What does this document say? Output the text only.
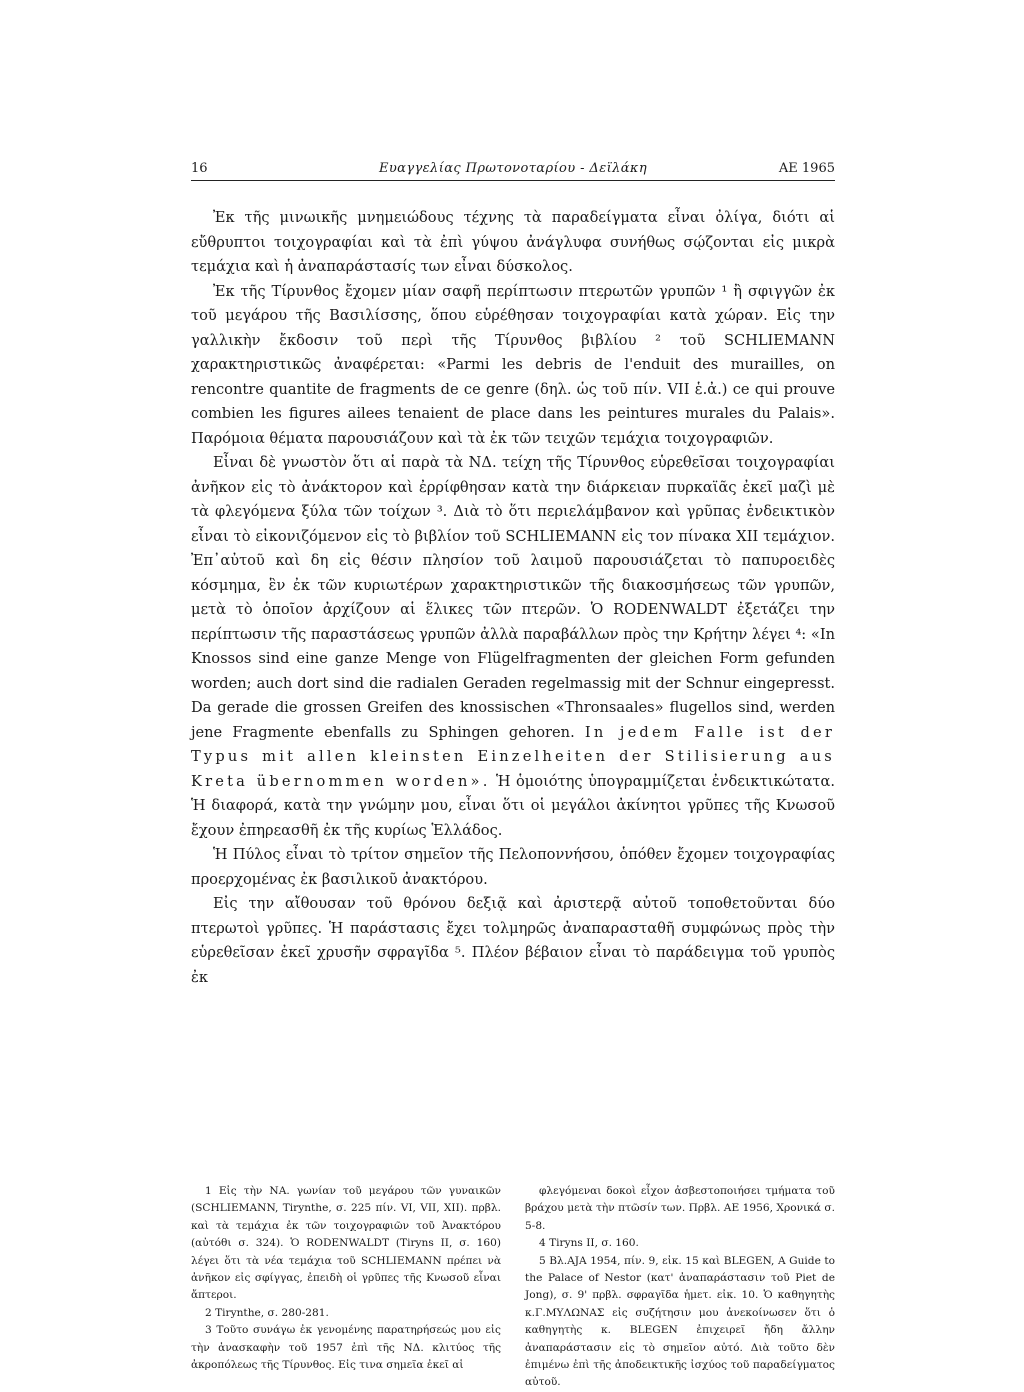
16	Ευαγγελίας Πρωτονοταρίου - Δεϊλάκη	ΑΕ 1965

Ἐκ τῆς μινωικῆς μνημειώδους τέχνης τὰ παραδείγματα εἶναι ὀλίγα, διότι αἱ εὔθρυπτοι τοιχογραφίαι καὶ τὰ ἐπὶ γύψου ἀνάγλυφα συνήθως σῴζονται εἰς μικρὰ τεμάχια καὶ ἡ ἀναπαράστασίς των εἶναι δύσκολος.

Ἐκ τῆς Τίρυνθος ἔχομεν μίαν σαφῆ περίπτωσιν πτερωτῶν γρυπῶν ¹ ἢ σφιγγῶν ἐκ τοῦ μεγάρου τῆς Βασιλίσσης, ὅπου εὑρέθησαν τοιχογραφίαι κατὰ χώραν. Εἰς την γαλλικὴν ἔκδοσιν τοῦ περὶ τῆς Τίρυνθος βιβλίου ² τοῦ SCHLIEMANN χαρακτηριστικῶς ἀναφέρεται: «Parmi les debris de l'enduit des murailles, on rencontre quantite de fragments de ce genre (δηλ. ὡς τοῦ πίν. VII ἑ.ἀ.) ce qui prouve combien les figures ailees tenaient de place dans les peintures murales du Palais». Παρόμοια θέματα παρουσιάζουν καὶ τὰ ἐκ τῶν τειχῶν τεμάχια τοιχογραφιῶν.

Εἶναι δὲ γνωστὸν ὅτι αἱ παρὰ τὰ ΝΔ. τείχη τῆς Τίρυνθος εὑρεθεῖσαι τοιχογραφίαι ἀνῆκον εἰς τὸ ἀνάκτορον καὶ ἐρρίφθησαν κατὰ την διάρκειαν πυρκαϊᾶς ἐκεῖ μαζὶ μὲ τὰ φλεγόμενα ξύλα τῶν τοίχων ³. Διὰ τὸ ὅτι περιελάμβανον καὶ γρῦπας ἐνδεικτικὸν εἶναι τὸ εἰκονιζόμενον εἰς τὸ βιβλίον τοῦ SCHLIEMANN εἰς τον πίνακα XII τεμάχιον. Ἐπ᾽αὐτοῦ καὶ δη εἰς θέσιν πλησίον τοῦ λαιμοῦ παρουσιάζεται τὸ παπυροειδὲς κόσμημα, ἓν ἐκ τῶν κυριωτέρων χαρακτηριστικῶν τῆς διακοσμήσεως τῶν γρυπῶν, μετὰ τὸ ὁποῖον ἀρχίζουν αἱ ἕλικες τῶν πτερῶν. Ὁ RODENWALDT ἐξετάζει την περίπτωσιν τῆς παραστάσεως γρυπῶν ἀλλὰ παραβάλλων πρὸς την Κρήτην λέγει ⁴: «In Knossos sind eine ganze Menge von Flügelfragmenten der gleichen Form gefunden worden; auch dort sind die radialen Geraden regelmassig mit der Schnur eingepresst. Da gerade die grossen Greifen des knossischen «Thronsaales» flugellos sind, werden jene Fragmente ebenfalls zu Sphingen gehoren. In jedem Falle ist der Typus mit allen kleinsten Einzelheiten der Stilisierung aus Kreta übernommen worden». Ἡ ὁμοιότης ὑπογραμμίζεται ἐνδεικτικώτατα. Ἡ διαφορά, κατὰ την γνώμην μου, εἶναι ὅτι οἱ μεγάλοι ἀκίνητοι γρῦπες τῆς Κνωσοῦ ἔχουν ἐπηρεασθῆ ἐκ τῆς κυρίως Ἑλλάδος.

Ἡ Πύλος εἶναι τὸ τρίτον σημεῖον τῆς Πελοποννήσου, ὁπόθεν ἔχομεν τοιχογραφίας προερχομένας ἐκ βασιλικοῦ ἀνακτόρου.

Εἰς την αἴθουσαν τοῦ θρόνου δεξιᾷ καὶ ἀριστερᾷ αὐτοῦ τοποθετοῦνται δύο πτερωτοὶ γρῦπες. Ἡ παράστασις ἔχει τολμηρῶς ἀναπαρασταθῆ συμφώνως πρὸς τὴν εὑρεθεῖσαν ἐκεῖ χρυσῆν σφραγῖδα ⁵. Πλέον βέβαιον εἶναι τὸ παράδειγμα τοῦ γρυπὸς ἐκ

1 Εἰς τὴν ΝΑ. γωνίαν τοῦ μεγάρου τῶν γυναικῶν (SCHLIEMANN, Tirynthe, σ. 225 πίν. VI, VII, XII). πρβλ. καὶ τὰ τεμάχια ἐκ τῶν τοιχογραφιῶν τοῦ Ἀνακτόρου (αὐτόθι σ. 324). Ὁ RODENWALDT (Tiryns II, σ. 160) λέγει ὅτι τὰ νέα τεμάχια τοῦ SCHLIEMANN πρέπει νὰ ἀνῆκον εἰς σφίγγας, ἐπειδὴ οἱ γρῦπες τῆς Κνωσοῦ εἶναι ἄπτεροι.

2 Tirynthe, σ. 280-281.

3 Τοῦτο συνάγω ἐκ γενομένης παρατηρήσεώς μου εἰς τὴν ἀνασκαφὴν τοῦ 1957 ἐπὶ τῆς ΝΔ. κλιτύος τῆς ἀκροπόλεως τῆς Τίρυνθος. Εἰς τινα σημεῖα ἐκεῖ αἱ

φλεγόμεναι δοκοὶ εἶχον ἀσβεστοποιήσει τμήματα τοῦ βράχου μετὰ τὴν πτῶσίν των. Πρβλ. ΑΕ 1956, Χρονικά σ. 5-8.

4 Tiryns II, σ. 160.

5 Βλ.AJA 1954, πίν. 9, εἰκ. 15 καὶ BLEGEN, A Guide to the Palace of Nestor (κατ' ἀναπαράστασιν τοῦ Piet de Jong), σ. 9' πρβλ. σφραγῖδα ἡμετ. εἰκ. 10. Ὁ καθηγητὴς κ.Γ.ΜΥΛΩΝΑΣ εἰς συζήτησιν μου ἀνεκοίνωσεν ὅτι ὁ καθηγητὴς κ. BLEGEN ἐπιχειρεῖ ἤδη ἄλλην ἀναπαράστασιν εἰς τὸ σημεῖον αὐτό. Διὰ τοῦτο δὲν ἐπιμένω ἐπὶ τῆς ἀποδεικτικῆς ἰσχύος τοῦ παραδείγματος αὐτοῦ.
